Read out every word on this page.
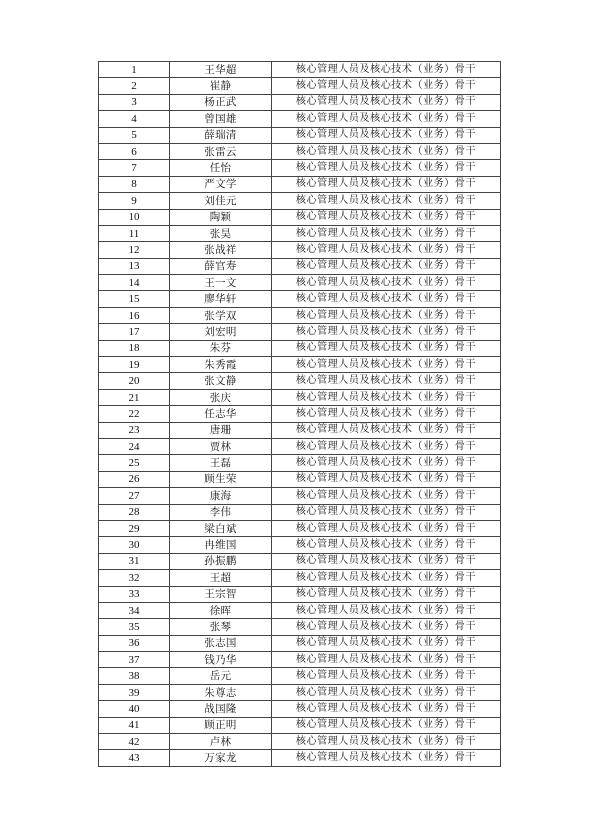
1	王华超	核心管理人员及核心技术（业务）骨干
2	崔静	核心管理人员及核心技术（业务）骨干
3	杨正武	核心管理人员及核心技术（业务）骨干
4	曾国雄	核心管理人员及核心技术（业务）骨干
5	薛瑞清	核心管理人员及核心技术（业务）骨干
6	张雷云	核心管理人员及核心技术（业务）骨干
7	任怡	核心管理人员及核心技术（业务）骨干
8	严文学	核心管理人员及核心技术（业务）骨干
9	刘佳元	核心管理人员及核心技术（业务）骨干
10	陶颖	核心管理人员及核心技术（业务）骨干
11	张昊	核心管理人员及核心技术（业务）骨干
12	张战祥	核心管理人员及核心技术（业务）骨干
13	薛官寿	核心管理人员及核心技术（业务）骨干
14	王一文	核心管理人员及核心技术（业务）骨干
15	廖华轩	核心管理人员及核心技术（业务）骨干
16	张学双	核心管理人员及核心技术（业务）骨干
17	刘宏明	核心管理人员及核心技术（业务）骨干
18	朱芬	核心管理人员及核心技术（业务）骨干
19	朱秀霞	核心管理人员及核心技术（业务）骨干
20	张文静	核心管理人员及核心技术（业务）骨干
21	张庆	核心管理人员及核心技术（业务）骨干
22	任志华	核心管理人员及核心技术（业务）骨干
23	唐珊	核心管理人员及核心技术（业务）骨干
24	贾林	核心管理人员及核心技术（业务）骨干
25	王磊	核心管理人员及核心技术（业务）骨干
26	顾生荣	核心管理人员及核心技术（业务）骨干
27	康海	核心管理人员及核心技术（业务）骨干
28	李伟	核心管理人员及核心技术（业务）骨干
29	梁白斌	核心管理人员及核心技术（业务）骨干
30	冉维国	核心管理人员及核心技术（业务）骨干
31	孙振鹏	核心管理人员及核心技术（业务）骨干
32	王超	核心管理人员及核心技术（业务）骨干
33	王宗智	核心管理人员及核心技术（业务）骨干
34	徐晖	核心管理人员及核心技术（业务）骨干
35	张琴	核心管理人员及核心技术（业务）骨干
36	张志国	核心管理人员及核心技术（业务）骨干
37	钱乃华	核心管理人员及核心技术（业务）骨干
38	岳元	核心管理人员及核心技术（业务）骨干
39	朱尊志	核心管理人员及核心技术（业务）骨干
40	战国隆	核心管理人员及核心技术（业务）骨干
41	顾正明	核心管理人员及核心技术（业务）骨干
42	卢林	核心管理人员及核心技术（业务）骨干
43	万家龙	核心管理人员及核心技术（业务）骨干
